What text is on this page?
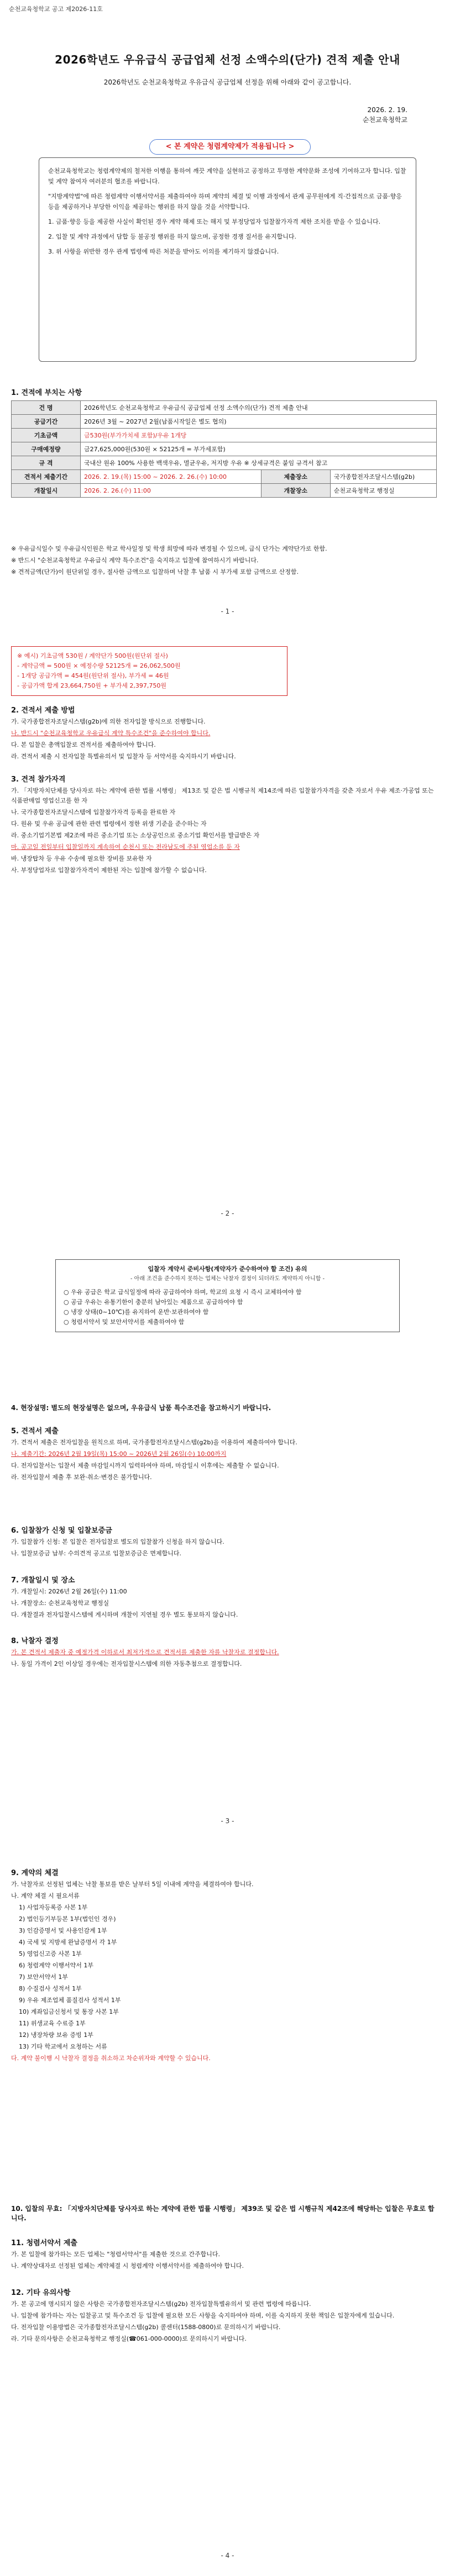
순천교육청학교 공고 제2026-11호
2026학년도 우유급식 공급업체 선정 소액수의(단가) 견적 제출 안내
2026학년도 순천교육청학교 우유급식 공급업체 선정을 위해 아래와 같이 공고합니다.
2026. 2. 19.
순천교육청학교
< 본 계약은 청렴계약제가 적용됩니다 >

순천교육청학교는 청렴계약제의 철저한 이행을 통하여 깨끗 계약을 실현하고 공정하고 투명한 계약문화 조성에 기여하고자 합니다. 입찰 및 계약 참여자 여러분의 협조를 바랍니다.

"지방계약법"에 따른 청렴계약 이행서약서를 제출하여야 하며 계약의 체결 및 이행 과정에서 관계 공무원에게 직·간접적으로 금품·향응 등을 제공하거나 부당한 이익을 제공하는 행위를 하지 않을 것을 서약합니다.

1. 금품·향응 등을 제공한 사실이 확인된 경우 계약 해제 또는 해지 및 부정당업자 입찰참가자격 제한 조치를 받을 수 있습니다.

2. 입찰 및 계약 과정에서 담합 등 불공정 행위를 하지 않으며, 공정한 경쟁 질서를 유지합니다.

3. 위 사항을 위반한 경우 관계 법령에 따른 처분을 받아도 이의를 제기하지 않겠습니다.

1. 견적에 부치는 사항
건 명	2026학년도 순천교육청학교 우유급식 공급업체 선정 소액수의(단가) 견적 제출 안내		
공급기간	2026년 3월 ~ 2027년 2월(납품시작일은 별도 협의)		
기초금액	금530원(부가가치세 포함)/우유 1개당		
구매예정량	금27,625,000원(530원 × 52125개 = 부가세포함)		
규 격	국내산 원유 100% 사용한 백색우유, 멸균우유, 저지방 우유 ※ 상세규격은 붙임 규격서 참고		
견적서 제출기간	2026. 2. 19.(목) 15:00 ~ 2026. 2. 26.(수) 10:00	제출장소	국가종합전자조달시스템(g2b)
개찰일시	2026. 2. 26.(수) 11:00	개찰장소	순천교육청학교 행정실

※ 우유급식일수 및 우유급식인원은 학교 학사일정 및 학생 희망에 따라 변경될 수 있으며, 급식 단가는 계약단가로 한함.

※ 반드시 "순천교육청학교 우유급식 계약 특수조건"을 숙지하고 입찰에 참여하시기 바랍니다.

※ 견적금액(단가)이 원단위일 경우, 절사한 금액으로 입찰하며 낙찰 후 납품 시 부가세 포함 금액으로 산정함.

- 1 -
※ 예시) 기초금액 530원 / 계약단가 500원(원단위 절사)
- 계약금액 = 500원 × 예정수량 52125개 = 26,062,500원
- 1개당 공급가액 = 454원(원단위 절사), 부가세 = 46원
- 공급가액 합계 23,664,750원 + 부가세 2,397,750원
2. 견적서 제출 방법

가. 국가종합전자조달시스템(g2b)에 의한 전자입찰 방식으로 진행합니다.

나. 반드시 "순천교육청학교 우유급식 계약 특수조건"을 준수하여야 합니다.

다. 본 입찰은 총액입찰로 견적서를 제출하여야 합니다.

라. 견적서 제출 시 전자입찰 특별유의서 및 입찰자 등 서약서를 숙지하시기 바랍니다.

3. 견적 참가자격

가. 「지방자치단체를 당사자로 하는 계약에 관한 법률 시행령」 제13조 및 같은 법 시행규칙 제14조에 따른 입찰참가자격을 갖춘 자로서 우유 제조·가공업 또는 식품판매업 영업신고를 한 자

나. 국가종합전자조달시스템에 입찰참가자격 등록을 완료한 자

다. 원유 및 우유 공급에 관한 관련 법령에서 정한 위생 기준을 준수하는 자

라. 중소기업기본법 제2조에 따른 중소기업 또는 소상공인으로 중소기업 확인서를 발급받은 자

마. 공고일 전일부터 입찰일까지 계속하여 순천시 또는 전라남도에 주된 영업소를 둔 자

바. 냉장탑차 등 우유 수송에 필요한 장비를 보유한 자

사. 부정당업자로 입찰참가자격이 제한된 자는 입찰에 참가할 수 없습니다.

- 2 -
입찰자 계약서 준비사항(계약자가 준수하여야 할 조건) 유의
- 아래 조건을 준수하지 못하는 업체는 낙찰자 결정이 되더라도 계약하지 아니함 -
○ 우유 공급은 학교 급식일정에 따라 공급하여야 하며, 학교의 요청 시 즉시 교체하여야 함
○ 공급 우유는 유통기한이 충분히 남아있는 제품으로 공급하여야 함
○ 냉장 상태(0~10℃)를 유지하여 운반·보관하여야 함
○ 청렴서약서 및 보안서약서를 제출하여야 함
4. 현장설명: 별도의 현장설명은 없으며, 우유급식 납품 특수조건을 참고하시기 바랍니다.
5. 견적서 제출

가. 견적서 제출은 전자입찰을 원칙으로 하며, 국가종합전자조달시스템(g2b)을 이용하여 제출하여야 합니다.

나. 제출기간: 2026년 2월 19일(목) 15:00 ~ 2026년 2월 26일(수) 10:00까지

다. 전자입찰서는 입찰서 제출 마감일시까지 입력하여야 하며, 마감일시 이후에는 제출할 수 없습니다.

라. 전자입찰서 제출 후 보완·취소·변경은 불가합니다.

6. 입찰참가 신청 및 입찰보증금

가. 입찰참가 신청: 본 입찰은 전자입찰로 별도의 입찰참가 신청을 하지 않습니다.

나. 입찰보증금 납부: 수의견적 공고로 입찰보증금은 면제합니다.

7. 개찰일시 및 장소

가. 개찰일시: 2026년 2월 26일(수) 11:00

나. 개찰장소: 순천교육청학교 행정실

다. 개찰결과 전자입찰시스템에 게시하며 개찰이 지연될 경우 별도 통보하지 않습니다.

8. 낙찰자 결정

가. 본 견적서 제출자 중 예정가격 이하로서 최저가격으로 견적서를 제출한 자를 낙찰자로 결정합니다.

나. 동일 가격이 2인 이상일 경우에는 전자입찰시스템에 의한 자동추첨으로 결정합니다.

- 3 -
9. 계약의 체결

가. 낙찰자로 선정된 업체는 낙찰 통보를 받은 날부터 5일 이내에 계약을 체결하여야 합니다.

나. 계약 체결 시 필요서류

1) 사업자등록증 사본 1부

2) 법인등기부등본 1부(법인인 경우)

3) 인감증명서 및 사용인감계 1부

4) 국세 및 지방세 완납증명서 각 1부

5) 영업신고증 사본 1부

6) 청렴계약 이행서약서 1부

7) 보안서약서 1부

8) 수질검사 성적서 1부

9) 우유 제조업체 품질검사 성적서 1부

10) 계좌입금신청서 및 통장 사본 1부

11) 위생교육 수료증 1부

12) 냉장차량 보유 증빙 1부

13) 기타 학교에서 요청하는 서류

다. 계약 불이행 시 낙찰자 결정을 취소하고 차순위자와 계약할 수 있습니다.

10. 입찰의 무효: 「지방자치단체를 당사자로 하는 계약에 관한 법률 시행령」 제39조 및 같은 법 시행규칙 제42조에 해당하는 입찰은 무효로 합니다.
11. 청렴서약서 제출

가. 본 입찰에 참가하는 모든 업체는 "청렴서약서"를 제출한 것으로 간주합니다.

나. 계약상대자로 선정된 업체는 계약체결 시 청렴계약 이행서약서를 제출하여야 합니다.

12. 기타 유의사항

가. 본 공고에 명시되지 않은 사항은 국가종합전자조달시스템(g2b) 전자입찰특별유의서 및 관련 법령에 따릅니다.

나. 입찰에 참가하는 자는 입찰공고 및 특수조건 등 입찰에 필요한 모든 사항을 숙지하여야 하며, 이를 숙지하지 못한 책임은 입찰자에게 있습니다.

다. 전자입찰 이용방법은 국가종합전자조달시스템(g2b) 콜센터(1588-0800)로 문의하시기 바랍니다.

라. 기타 문의사항은 순천교육청학교 행정실(☎061-000-0000)로 문의하시기 바랍니다.

- 4 -
